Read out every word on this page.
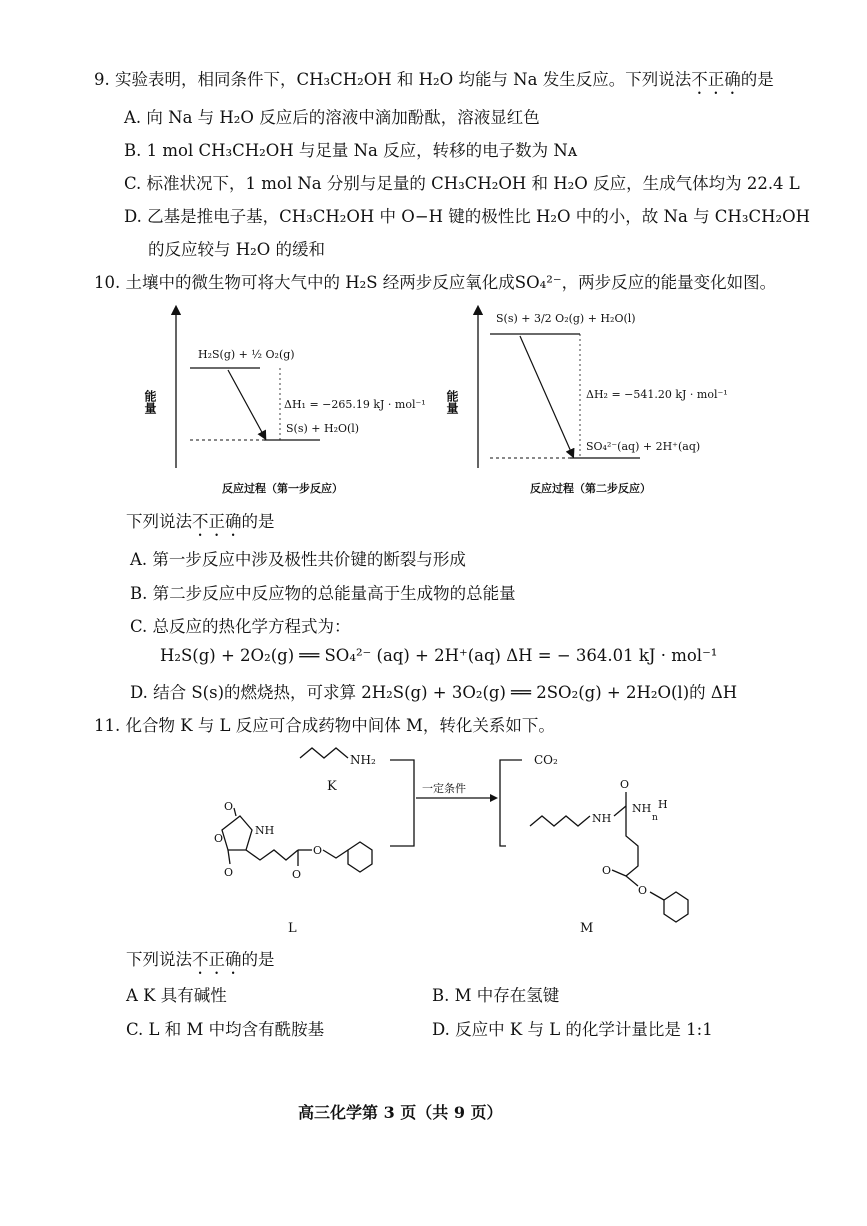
9. 实验表明，相同条件下，CH₃CH₂OH 和 H₂O 均能与 Na 发生反应。下列说法不正确的是
A. 向 Na 与 H₂O 反应后的溶液中滴加酚酞，溶液显红色
B. 1 mol CH₃CH₂OH 与足量 Na 反应，转移的电子数为 Nᴀ
C. 标准状况下，1 mol Na 分别与足量的 CH₃CH₂OH 和 H₂O 反应，生成气体均为 22.4 L
D. 乙基是推电子基，CH₃CH₂OH 中 O−H 键的极性比 H₂O 中的小，故 Na 与 CH₃CH₂OH
的反应较与 H₂O 的缓和
10. 土壤中的微生物可将大气中的 H₂S 经两步反应氧化成SO₄²⁻，两步反应的能量变化如图。
能量
H₂S(g) + ½ O₂(g)
ΔH₁ = −265.19 kJ · mol⁻¹
S(s) + H₂O(l)
反应过程（第一步反应）
能量
S(s) + 3/2 O₂(g) + H₂O(l)
ΔH₂ = −541.20 kJ · mol⁻¹
SO₄²⁻(aq) + 2H⁺(aq)
反应过程（第二步反应）
下列说法不正确的是
A. 第一步反应中涉及极性共价键的断裂与形成
B. 第二步反应中反应物的总能量高于生成物的总能量
C. 总反应的热化学方程式为：
H₂S(g) + 2O₂(g) ══ SO₄²⁻ (aq) + 2H⁺(aq) ΔH = − 364.01 kJ · mol⁻¹
D. 结合 S(s)的燃烧热，可求算 2H₂S(g) + 3O₂(g) ══ 2SO₂(g) + 2H₂O(l)的 ΔH
11. 化合物 K 与 L 反应可合成药物中间体 M，转化关系如下。
NH₂
K
O
NH
O
O
O
O
L
一定条件
CO₂
NH
O
NH H
n
O
O
M
下列说法不正确的是
A K 具有碱性	B. M 中存在氢键
C. L 和 M 中均含有酰胺基	D. 反应中 K 与 L 的化学计量比是 1:1
高三化学第 3 页（共 9 页）
